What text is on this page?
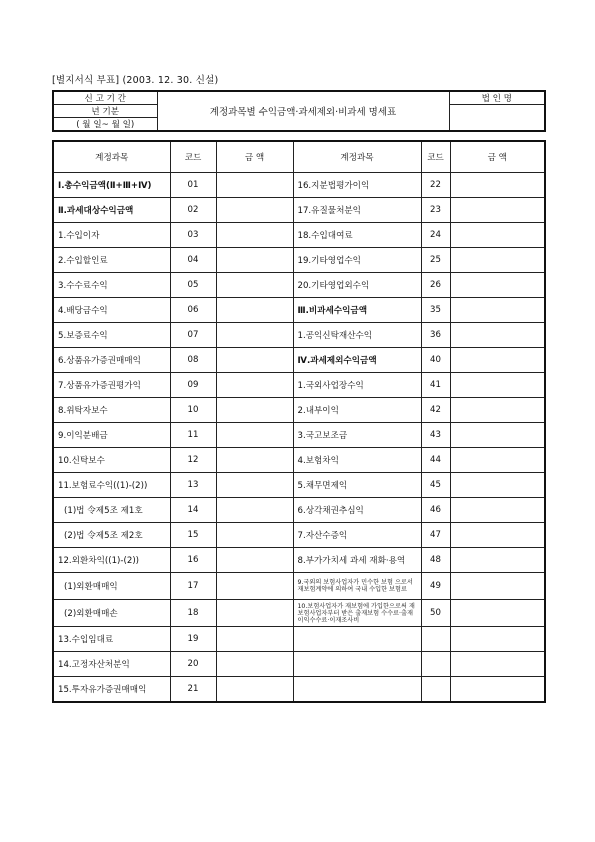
[별지서식 부표] (2003. 12. 30. 신설)
신 고 기 간	계정과목별 수익금액·과세제외·비과세 명세표	법 인 명
년 기분		
( 월 일~ 월 일)		
계정과목	코드	금 액	계정과목	코드	금 액
Ⅰ.총수익금액(Ⅱ+Ⅲ+Ⅳ)	01		16.지분법평가이익	22	
Ⅱ.과세대상수익금액	02		17.유질물처분익	23	
1.수입이자	03		18.수입대여료	24	
2.수입할인료	04		19.기타영업수익	25	
3.수수료수익	05		20.기타영업외수익	26	
4.배당금수익	06		Ⅲ.비과세수익금액	35	
5.보증료수익	07		1.공익신탁재산수익	36	
6.상품유가증권매매익	08		Ⅳ.과세제외수익금액	40	
7.상품유가증권평가익	09		1.국외사업장수익	41	
8.위탁자보수	10		2.내부이익	42	
9.이익분배금	11		3.국고보조금	43	
10.신탁보수	12		4.보험차익	44	
11.보험료수익((1)-(2))	13		5.채무면제익	45	
(1)법 令제5조 제1호	14		6.상각채권추심익	46	
(2)법 令제5조 제2호	15		7.자산수증익	47	
12.외환차익((1)-(2))	16		8.부가가치세 과세 재화·용역	48	
(1)외환매매익	17		9.국외의 보험사업자가 민수한 보험 으로서 재보험계약에 의하여 국내 수입한 보험료	49	
(2)외환매매손	18		10.보험사업자가 재보험에 가입한으로써 재보험사업자부터 받은 출재보험 수수료·출재이익수수료·이재조사비	50	
13.수입임대료	19				
14.고정자산처분익	20				
15.투자유가증권매매익	21				
